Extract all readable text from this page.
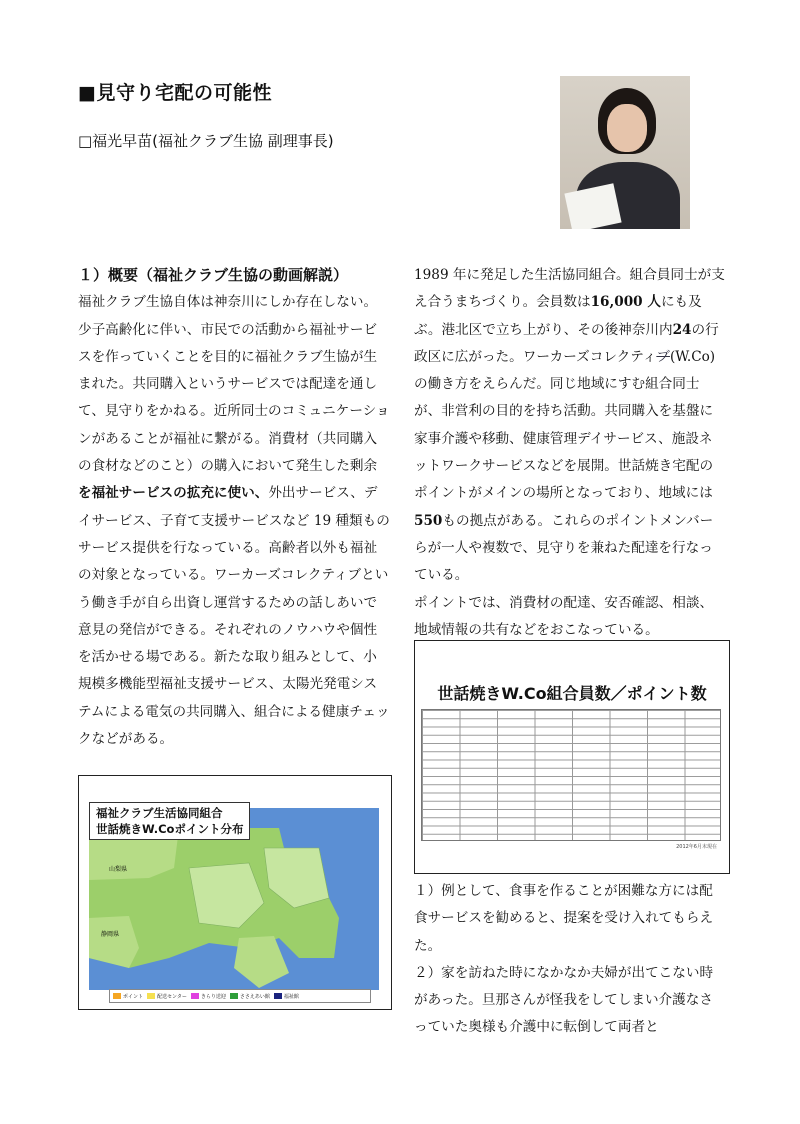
■見守り宅配の可能性
□福光早苗(福祉クラブ生協 副理事長)

１）概要（福祉クラブ生協の動画解説）

福祉クラブ生協自体は神奈川にしか存在しない。少子高齢化に伴い、市民での活動から福祉サービスを作っていくことを目的に福祉クラブ生協が生まれた。共同購入というサービスでは配達を通して、見守りをかねる。近所同士のコミュニケーションがあることが福祉に繋がる。消費材（共同購入の食材などのこと）の購入において発生した剰余を福祉サービスの拡充に使い、外出サービス、デイサービス、子育て支援サービスなど 19 種類ものサービス提供を行なっている。高齢者以外も福祉の対象となっている。ワーカーズコレクティブという働き手が自ら出資し運営するための話しあいで意見の発信ができる。それぞれのノウハウや個性を活かせる場である。新たな取り組みとして、小規模多機能型福祉支援サービス、太陽光発電システムによる電気の共同購入、組合による健康チェックなどがある。

1989 年に発足した生活協同組合。組合員同士が支え合うまちづくり。会員数は16,000 人にも及ぶ。港北区で立ち上がり、その後神奈川内24の行政区に広がった。ワーカーズコレクティブ(W.Co)の働き方をえらんだ。同じ地域にすむ組合同士が、非営利の目的を持ち活動。共同購入を基盤に家事介護や移動、健康管理デイサービス、施設ネットワークサービスなどを展開。世話焼き宅配のポイントがメインの場所となっており、地域には550もの拠点がある。これらのポイントメンバーらが一人や複数で、見守りを兼ねた配達を行なっている。

ポイントでは、消費材の配達、安否確認、相談、地域情報の共有などをおこなっている。

世話焼きW.Co組合員数／ポイント数
2012年6月末現在

１）例として、食事を作ることが困難な方には配食サービスを勧めると、提案を受け入れてもらえた。

２）家を訪ねた時になかなか夫婦が出てこない時があった。旦那さんが怪我をしてしまい介護なさっていた奥様も介護中に転倒して両者と

福祉クラブ生活協同組合
世話焼きW.Coポイント分布
山梨県
静岡県
ポイント	配送センター	きらり送迎	ささえあい館	福祉館
